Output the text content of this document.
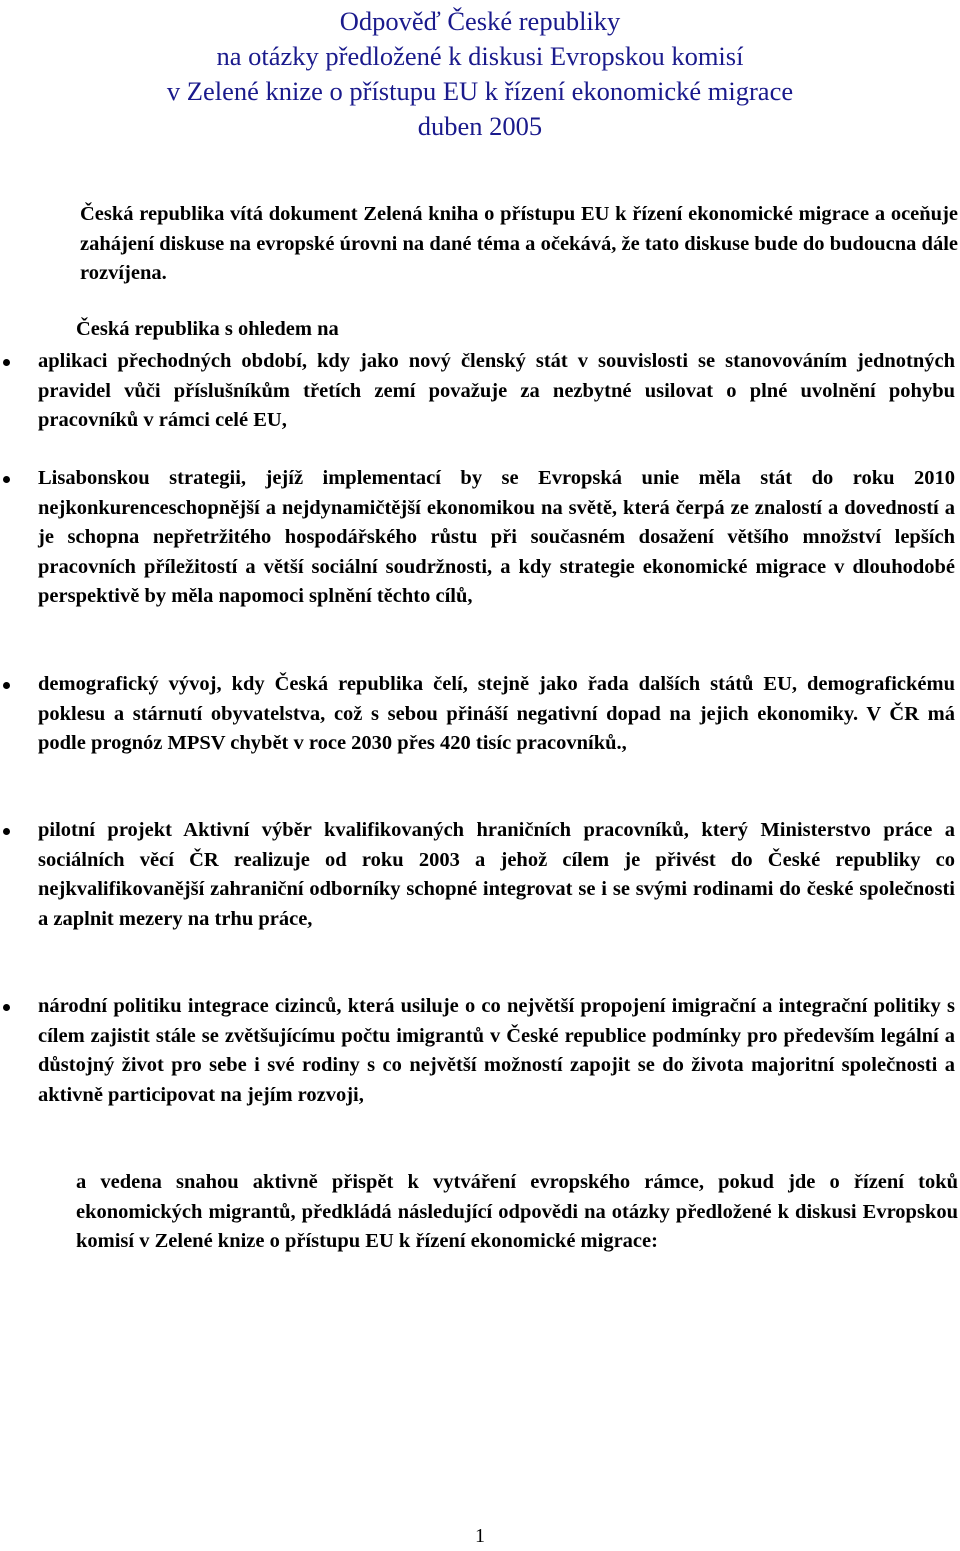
Odpověď České republiky
na otázky předložené k diskusi Evropskou komisí
v Zelené knize o přístupu EU k řízení ekonomické migrace
duben 2005
Česká republika vítá dokument Zelená kniha o přístupu EU k řízení ekonomické migrace a oceňuje zahájení diskuse na evropské úrovni na dané téma a očekává, že tato diskuse bude do budoucna dále rozvíjena.
Česká republika s ohledem na
aplikaci přechodných období, kdy jako nový členský stát v souvislosti se stanovováním jednotných pravidel vůči příslušníkům třetích zemí považuje za nezbytné usilovat o plné uvolnění pohybu pracovníků v rámci celé EU,
Lisabonskou strategii, jejíž implementací by se Evropská unie měla stát do roku 2010 nejkonkurenceschopnější a nejdynamičtější ekonomikou na světě, která čerpá ze znalostí a dovedností a je schopna nepřetržitého hospodářského růstu při současném dosažení většího množství lepších pracovních příležitostí a větší sociální soudržnosti, a kdy strategie ekonomické migrace v dlouhodobé perspektivě by měla napomoci splnění těchto cílů,
demografický vývoj, kdy Česká republika čelí, stejně jako řada dalších států EU, demografickému poklesu a stárnutí obyvatelstva, což s sebou přináší negativní dopad na jejich ekonomiky. V ČR má podle prognóz MPSV chybět v roce 2030 přes 420 tisíc pracovníků.,
pilotní projekt Aktivní výběr kvalifikovaných hraničních pracovníků, který Ministerstvo práce a sociálních věcí ČR realizuje od roku 2003 a jehož cílem je přivést do České republiky co nejkvalifikovanější zahraniční odborníky schopné integrovat se i se svými rodinami do české společnosti a zaplnit mezery na trhu práce,
národní politiku integrace cizinců, která usiluje o co největší propojení imigrační a integrační politiky s cílem zajistit stále se zvětšujícímu počtu imigrantů v České republice podmínky pro především legální a důstojný život pro sebe i své rodiny s co největší možností zapojit se do života majoritní společnosti a aktivně participovat na jejím rozvoji,
a vedena snahou aktivně přispět k vytváření evropského rámce, pokud jde o řízení toků ekonomických migrantů, předkládá následující odpovědi na otázky předložené k diskusi Evropskou komisí v Zelené knize o přístupu EU k řízení ekonomické migrace:
1
